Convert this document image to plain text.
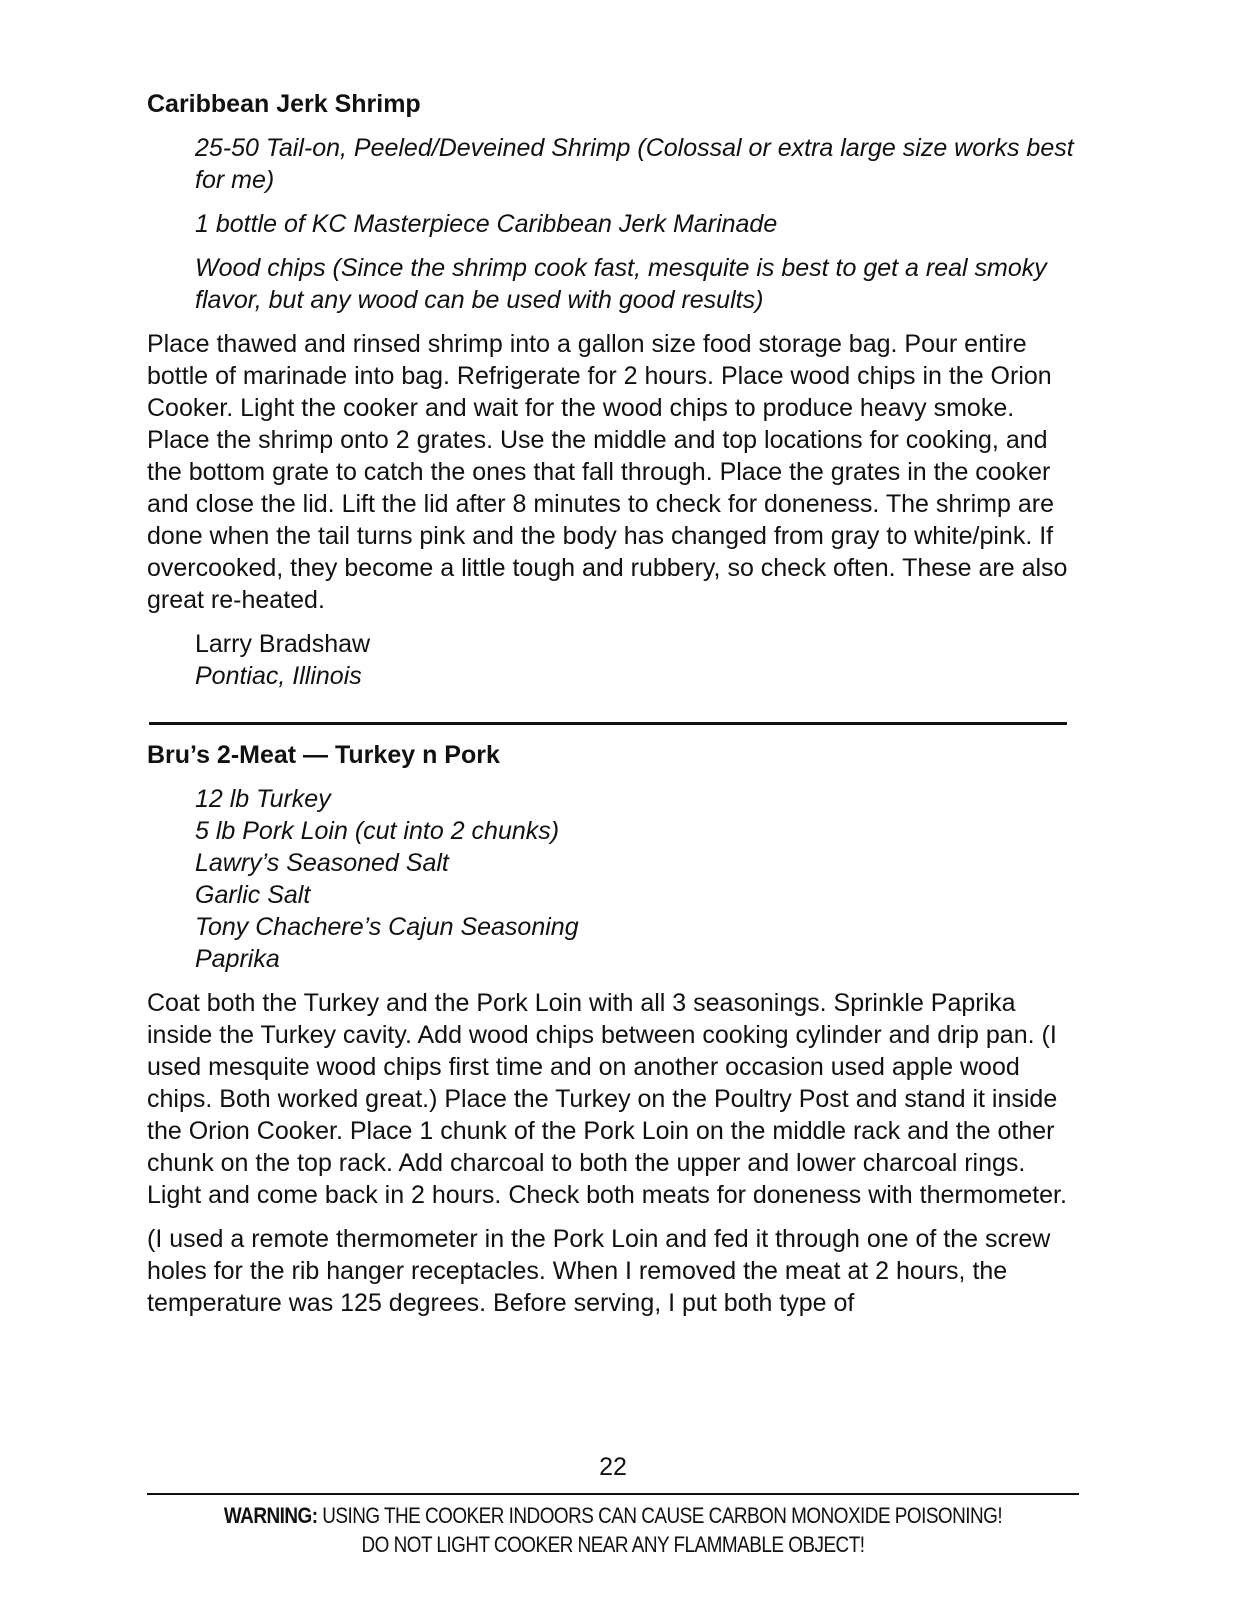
Caribbean Jerk Shrimp

25-50 Tail-on, Peeled/Deveined Shrimp (Colossal or extra large size works best for me)

1 bottle of KC Masterpiece Caribbean Jerk Marinade

Wood chips (Since the shrimp cook fast, mesquite is best to get a real smoky flavor, but any wood can be used with good results)

Place thawed and rinsed shrimp into a gallon size food storage bag. Pour entire bottle of marinade into bag. Refrigerate for 2 hours. Place wood chips in the Orion Cooker. Light the cooker and wait for the wood chips to produce heavy smoke. Place the shrimp onto 2 grates. Use the middle and top locations for cooking, and the bottom grate to catch the ones that fall through. Place the grates in the cooker and close the lid. Lift the lid after 8 minutes to check for doneness. The shrimp are done when the tail turns pink and the body has changed from gray to white/pink. If overcooked, they become a little tough and rubbery, so check often. These are also great re-heated.

Larry Bradshaw
Pontiac, Illinois
Bru’s 2-Meat — Turkey n Pork
12 lb Turkey
5 lb Pork Loin (cut into 2 chunks)
Lawry’s Seasoned Salt
Garlic Salt
Tony Chachere’s Cajun Seasoning
Paprika

Coat both the Turkey and the Pork Loin with all 3 seasonings. Sprinkle Paprika inside the Turkey cavity. Add wood chips between cooking cylinder and drip pan. (I used mesquite wood chips first time and on another occasion used apple wood chips. Both worked great.) Place the Turkey on the Poultry Post and stand it inside the Orion Cooker. Place 1 chunk of the Pork Loin on the middle rack and the other chunk on the top rack. Add charcoal to both the upper and lower charcoal rings. Light and come back in 2 hours. Check both meats for doneness with thermometer.

(I used a remote thermometer in the Pork Loin and fed it through one of the screw holes for the rib hanger receptacles. When I removed the meat at 2 hours, the temperature was 125 degrees. Before serving, I put both type of

22
WARNING: USING THE COOKER INDOORS CAN CAUSE CARBON MONOXIDE POISONING!
DO NOT LIGHT COOKER NEAR ANY FLAMMABLE OBJECT!
